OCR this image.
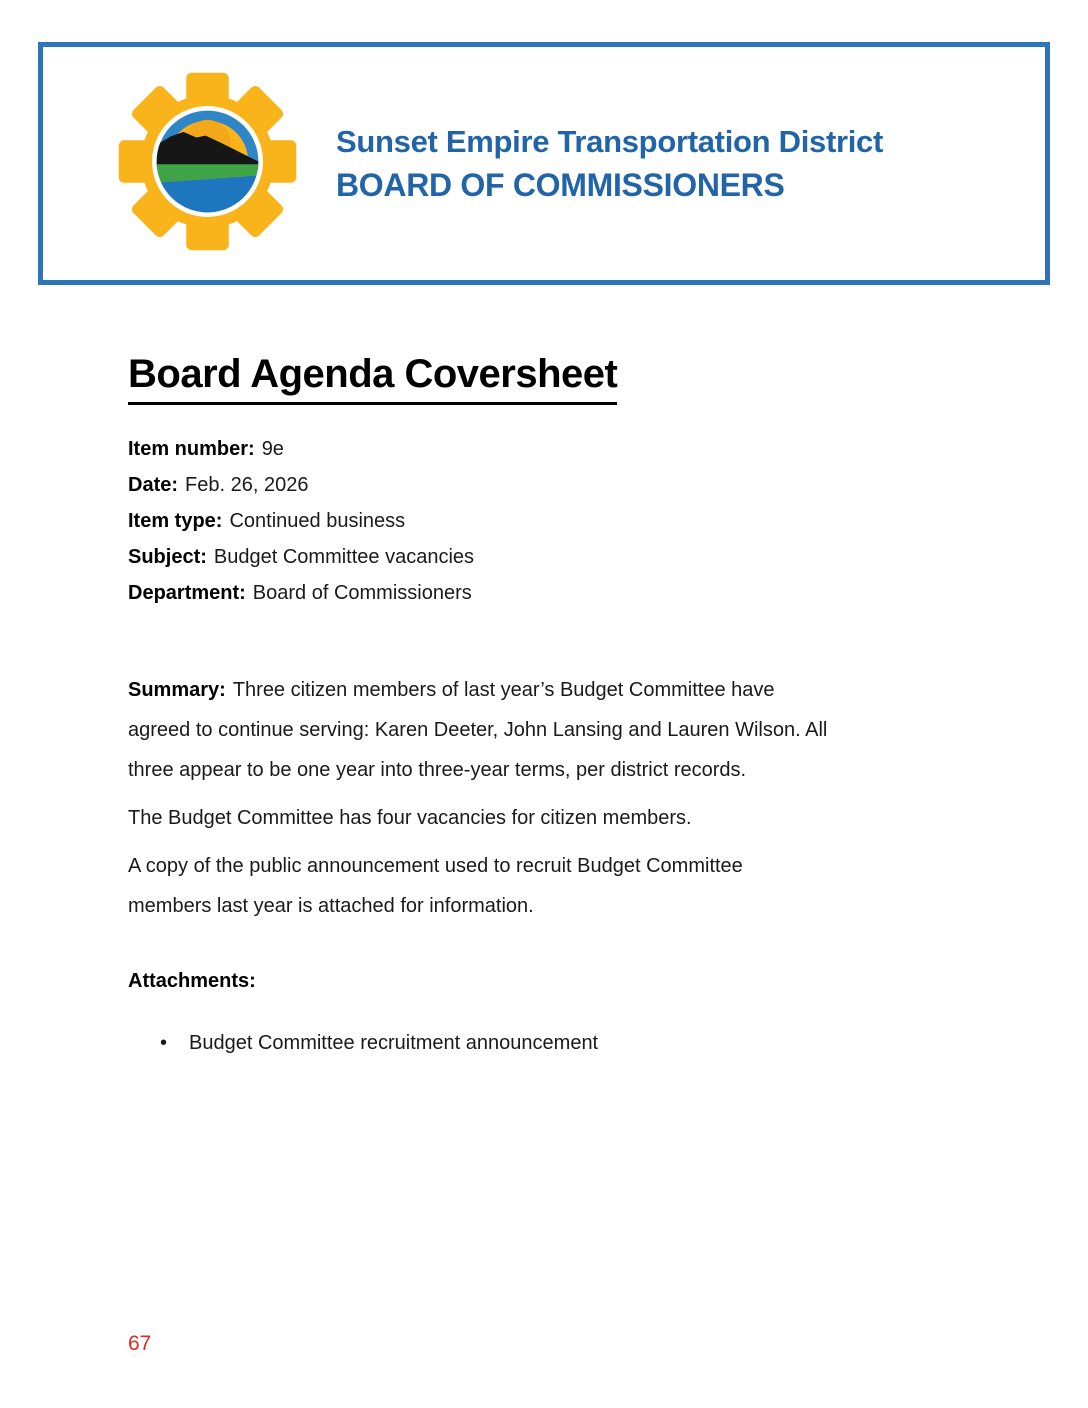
Sunset Empire Transportation District
BOARD OF COMMISSIONERS
Board Agenda Coversheet
Item number: 9e
Date: Feb. 26, 2026
Item type: Continued business
Subject: Budget Committee vacancies
Department: Board of Commissioners
Summary: Three citizen members of last year’s Budget Committee have
agreed to continue serving: Karen Deeter, John Lansing and Lauren Wilson. All
three appear to be one year into three-year terms, per district records.
The Budget Committee has four vacancies for citizen members.
A copy of the public announcement used to recruit Budget Committee
members last year is attached for information.
Attachments:
• Budget Committee recruitment announcement
67
